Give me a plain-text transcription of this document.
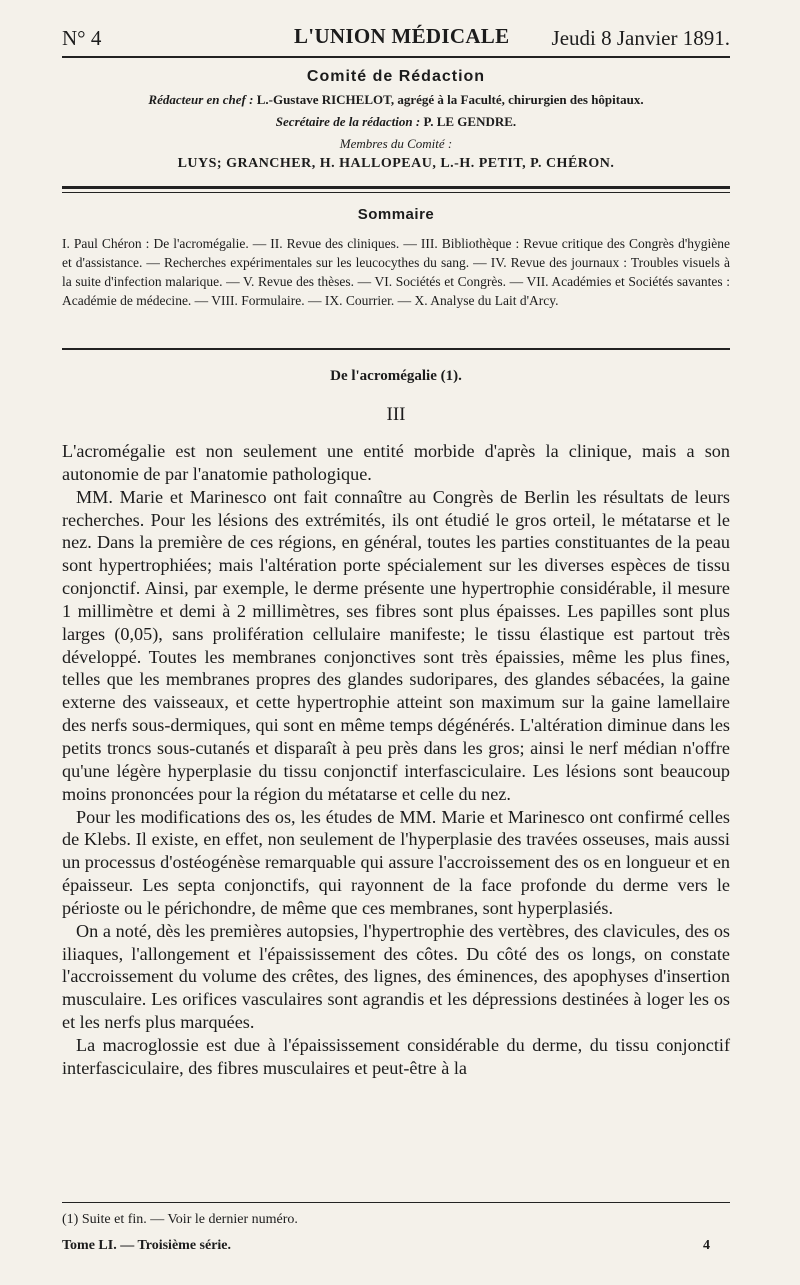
N° 4	L'UNION MÉDICALE Jeudi 8 Janvier 1891.
Comité de Rédaction
Rédacteur en chef : L.-Gustave RICHELOT, agrégé à la Faculté, chirurgien des hôpitaux.
Secrétaire de la rédaction : P. LE GENDRE.
Membres du Comité :
LUYS; GRANCHER, H. HALLOPEAU, L.-H. PETIT, P. CHÉRON.
Sommaire
I. Paul Chéron : De l'acromégalie. — II. Revue des cliniques. — III. Bibliothèque : Revue critique des Congrès d'hygiène et d'assistance. — Recherches expérimentales sur les leucocythes du sang. — IV. Revue des journaux : Troubles visuels à la suite d'infection malarique. — V. Revue des thèses. — VI. Sociétés et Congrès. — VII. Académies et Sociétés savantes : Académie de médecine. — VIII. Formulaire. — IX. Courrier. — X. Analyse du Lait d'Arcy.
De l'acromégalie (1).
III

L'acromégalie est non seulement une entité morbide d'après la clinique, mais a son autonomie de par l'anatomie pathologique.

MM. Marie et Marinesco ont fait connaître au Congrès de Berlin les résultats de leurs recherches. Pour les lésions des extrémités, ils ont étudié le gros orteil, le métatarse et le nez. Dans la première de ces régions, en général, toutes les parties constituantes de la peau sont hypertrophiées; mais l'altération porte spécialement sur les diverses espèces de tissu conjonctif. Ainsi, par exemple, le derme présente une hypertrophie considérable, il mesure 1 millimètre et demi à 2 millimètres, ses fibres sont plus épaisses. Les papilles sont plus larges (0,05), sans prolifération cellulaire manifeste; le tissu élastique est partout très développé. Toutes les membranes conjonctives sont très épaissies, même les plus fines, telles que les membranes propres des glandes sudoripares, des glandes sébacées, la gaine externe des vaisseaux, et cette hypertrophie atteint son maximum sur la gaine lamellaire des nerfs sous-dermiques, qui sont en même temps dégénérés. L'altération diminue dans les petits troncs sous-cutanés et disparaît à peu près dans les gros; ainsi le nerf médian n'offre qu'une légère hyperplasie du tissu conjonctif interfasciculaire. Les lésions sont beaucoup moins prononcées pour la région du métatarse et celle du nez.

Pour les modifications des os, les études de MM. Marie et Marinesco ont confirmé celles de Klebs. Il existe, en effet, non seulement de l'hyperplasie des travées osseuses, mais aussi un processus d'ostéogénèse remarquable qui assure l'accroissement des os en longueur et en épaisseur. Les septa conjonctifs, qui rayonnent de la face profonde du derme vers le périoste ou le périchondre, de même que ces membranes, sont hyperplasiés.

On a noté, dès les premières autopsies, l'hypertrophie des vertèbres, des clavicules, des os iliaques, l'allongement et l'épaississement des côtes. Du côté des os longs, on constate l'accroissement du volume des crêtes, des lignes, des éminences, des apophyses d'insertion musculaire. Les orifices vasculaires sont agrandis et les dépressions destinées à loger les os et les nerfs plus marquées.

La macroglossie est due à l'épaississement considérable du derme, du tissu conjonctif interfasciculaire, des fibres musculaires et peut-être à la

(1) Suite et fin. — Voir le dernier numéro.
Tome LI. — Troisième série.	4
